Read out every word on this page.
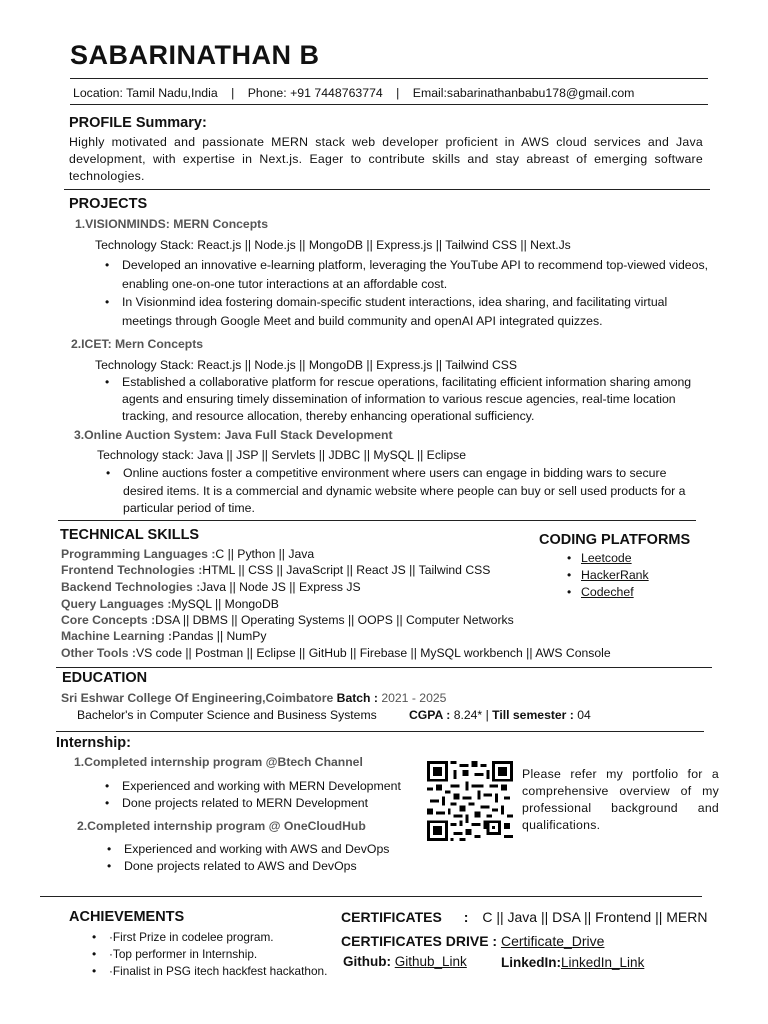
SABARINATHAN B
Location: Tamil Nadu,India | Phone: +91 7448763774 | Email:sabarinathanbabu178@gmail.com
PROFILE Summary:
Highly motivated and passionate MERN stack web developer proficient in AWS cloud services and Java development, with expertise in Next.js. Eager to contribute skills and stay abreast of emerging software technologies.
PROJECTS
1.VISIONMINDS: MERN Concepts
Technology Stack: React.js || Node.js || MongoDB || Express.js || Tailwind CSS || Next.Js
• Developed an innovative e-learning platform, leveraging the YouTube API to recommend top-viewed videos, enabling one-on-one tutor interactions at an affordable cost.
• In Visionmind idea fostering domain-specific student interactions, idea sharing, and facilitating virtual meetings through Google Meet and build community and openAI API integrated quizzes.
2.ICET: Mern Concepts
Technology Stack: React.js || Node.js || MongoDB || Express.js || Tailwind CSS
• Established a collaborative platform for rescue operations, facilitating efficient information sharing among agents and ensuring timely dissemination of information to various rescue agencies, real-time location tracking, and resource allocation, thereby enhancing operational sufficiency.
3.Online Auction System: Java Full Stack Development
Technology stack: Java || JSP || Servlets || JDBC || MySQL || Eclipse
• Online auctions foster a competitive environment where users can engage in bidding wars to secure desired items. It is a commercial and dynamic website where people can buy or sell used products for a particular period of time.
TECHNICAL SKILLS
Programming Languages :C || Python || Java
Frontend Technologies :HTML || CSS || JavaScript || React JS || Tailwind CSS
Backend Technologies :Java || Node JS || Express JS
Query Languages :MySQL || MongoDB
Core Concepts :DSA || DBMS || Operating Systems || OOPS || Computer Networks
Machine Learning :Pandas || NumPy
Other Tools :VS code || Postman || Eclipse || GitHub || Firebase || MySQL workbench || AWS Console
CODING PLATFORMS
• Leetcode
• HackerRank
• Codechef
EDUCATION
Sri Eshwar College Of Engineering,Coimbatore Batch : 2021 - 2025
Bachelor's in Computer Science and Business Systems	CGPA : 8.24* | Till semester : 04
Internship:
1.Completed internship program @Btech Channel
• Experienced and working with MERN Development
• Done projects related to MERN Development
2.Completed internship program @ OneCloudHub
• Experienced and working with AWS and DevOps
• Done projects related to AWS and DevOps
Please refer my portfolio for a comprehensive overview of my professional background and qualifications.
ACHIEVEMENTS
• ·First Prize in codelee program.
• ·Top performer in Internship.
• ·Finalist in PSG itech hackfest hackathon.
CERTIFICATES : C || Java || DSA || Frontend || MERN
CERTIFICATES DRIVE : Certificate_Drive
Github: Github_Link	LinkedIn:LinkedIn_Link
